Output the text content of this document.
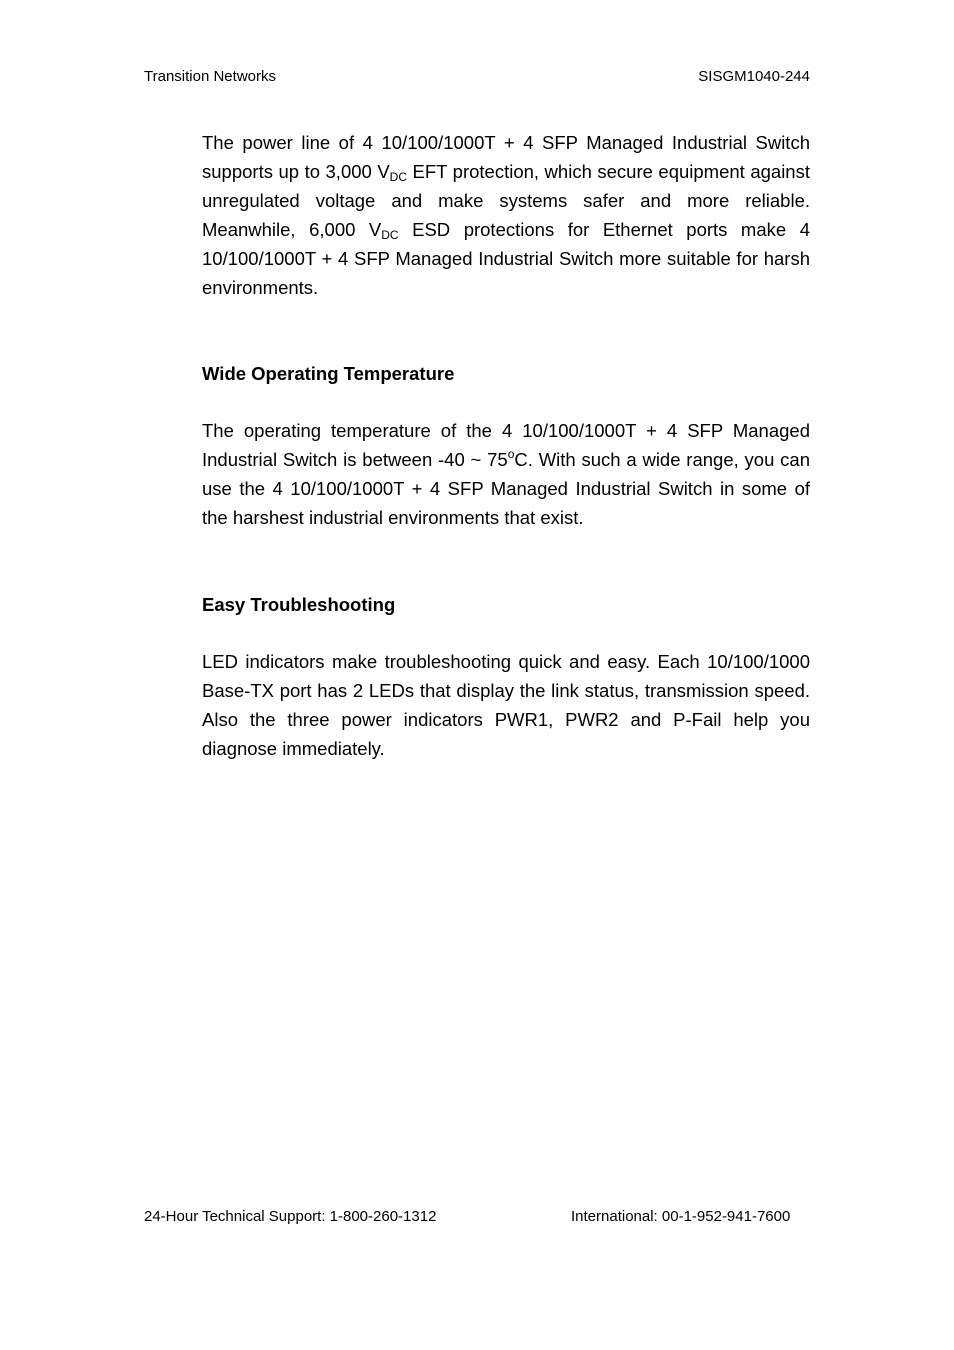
Transition Networks	SISGM1040-244

The power line of 4 10/100/1000T + 4 SFP Managed Industrial Switch supports up to 3,000 $V_{DC}$ EFT protection, which secure equipment against unregulated voltage and make systems safer and more reliable. Meanwhile, 6,000 $V_{DC}$ ESD protections for Ethernet ports make 4 10/100/1000T + 4 SFP Managed Industrial Switch more suitable for harsh environments.

Wide Operating Temperature

The operating temperature of the 4 10/100/1000T + 4 SFP Managed Industrial Switch is between -40 ~ 75$^o$C. With such a wide range, you can use the 4 10/100/1000T + 4 SFP Managed Industrial Switch in some of the harshest industrial environments that exist.

Easy Troubleshooting

LED indicators make troubleshooting quick and easy. Each 10/100/1000 Base-TX port has 2 LEDs that display the link status, transmission speed. Also the three power indicators PWR1, PWR2 and P-Fail help you diagnose immediately.

24-Hour Technical Support: 1-800-260-1312	International: 00-1-952-941-7600
